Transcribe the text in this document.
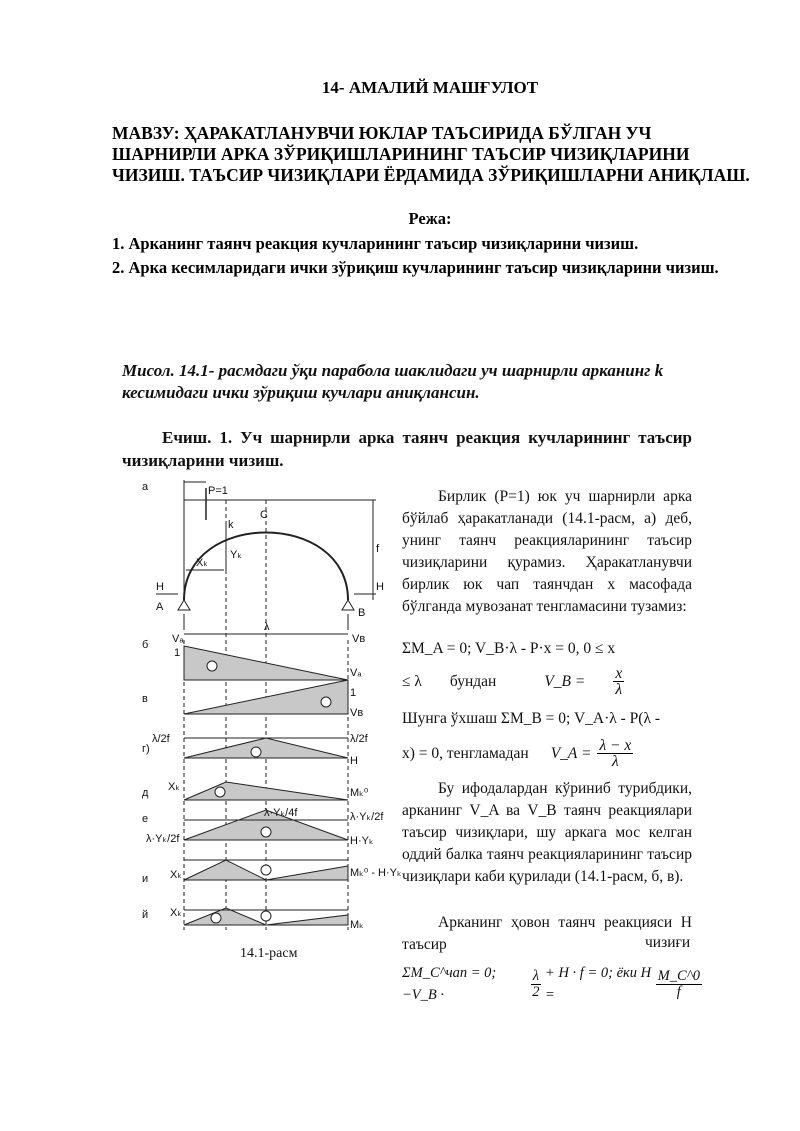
14- АМАЛИЙ МАШҒУЛОТ
МАВЗУ: ҲАРАКАТЛАНУВЧИ ЮКЛАР ТАЪСИРИДА БЎЛГАН УЧ ШАРНИРЛИ АРКА ЗЎРИҚИШЛАРИНИНГ ТАЪСИР ЧИЗИҚЛАРИНИ ЧИЗИШ. ТАЪСИР ЧИЗИҚЛАРИ ЁРДАМИДА ЗЎРИҚИШЛАРНИ АНИҚЛАШ.
Режа:
1. Арканинг таянч реакция кучларининг таъсир чизиқларини чизиш.
2. Арка кесимларидаги ички зўриқиш кучларининг таъсир чизиқларини чизиш.
Мисол. 14.1- расмдаги ўқи парабола шаклидаги уч шарнирли арканинг k кесимидаги ички зўриқиш кучлари аниқлансин.
Ечиш. 1. Уч шарнирли арка таянч реакция кучларининг таъсир
чизиқларини чизиш.
Бирлик (P=1) юк уч шарнирли арка бўйлаб ҳаракатланади (14.1-расм, а) деб, унинг таянч реакцияларининг таъсир чизиқларини қурамиз. Ҳаракатланувчи бирлик юк чап таянчдан x масофада бўлганда мувозанат тенгламасини тузамиз:
ΣM_A = 0; V_B·λ - P·x = 0, 0 ≤ x
≤ λ бундан	V_B = $\frac{x}{\lambda}$
Шунга ўхшаш ΣM_B = 0; V_A·λ - P(λ -
x) = 0, тенгламадан V_A = $\frac{\lambda - x}{\lambda}$
Бу ифодалардан кўриниб турибдики, арканинг V_A ва V_B таянч реакциялари таъсир чизиқлари, шу аркага мос келган оддий балка таянч реакцияларининг таъсир чизиқлари каби қурилади (14.1-расм, б, в).
Арканинг ҳовон таянч реакцияси H таъсир	чизиғи
ΣM_C^чап = 0; −V_B ·	$\frac{\lambda}{2} + H \cdot f = 0$; ёки H =	$\frac{M\_C\^{}0}{f}$
14.1-расм
а
б
в
г)
д
е
и
й
P=1
C
k
A	B
H	H
f
Xₖ
Yₖ
λ
Vₐ	Vв
1
Vₐ
1
Vв
λ/2f	λ/2f
H
Xₖ	Mₖ⁰
λ·Yₖ/4f	λ·Yₖ/2f
λ·Yₖ/2f	H·Yₖ
Xₖ	Mₖ⁰ - H·Yₖ
Xₖ
Mₖ
